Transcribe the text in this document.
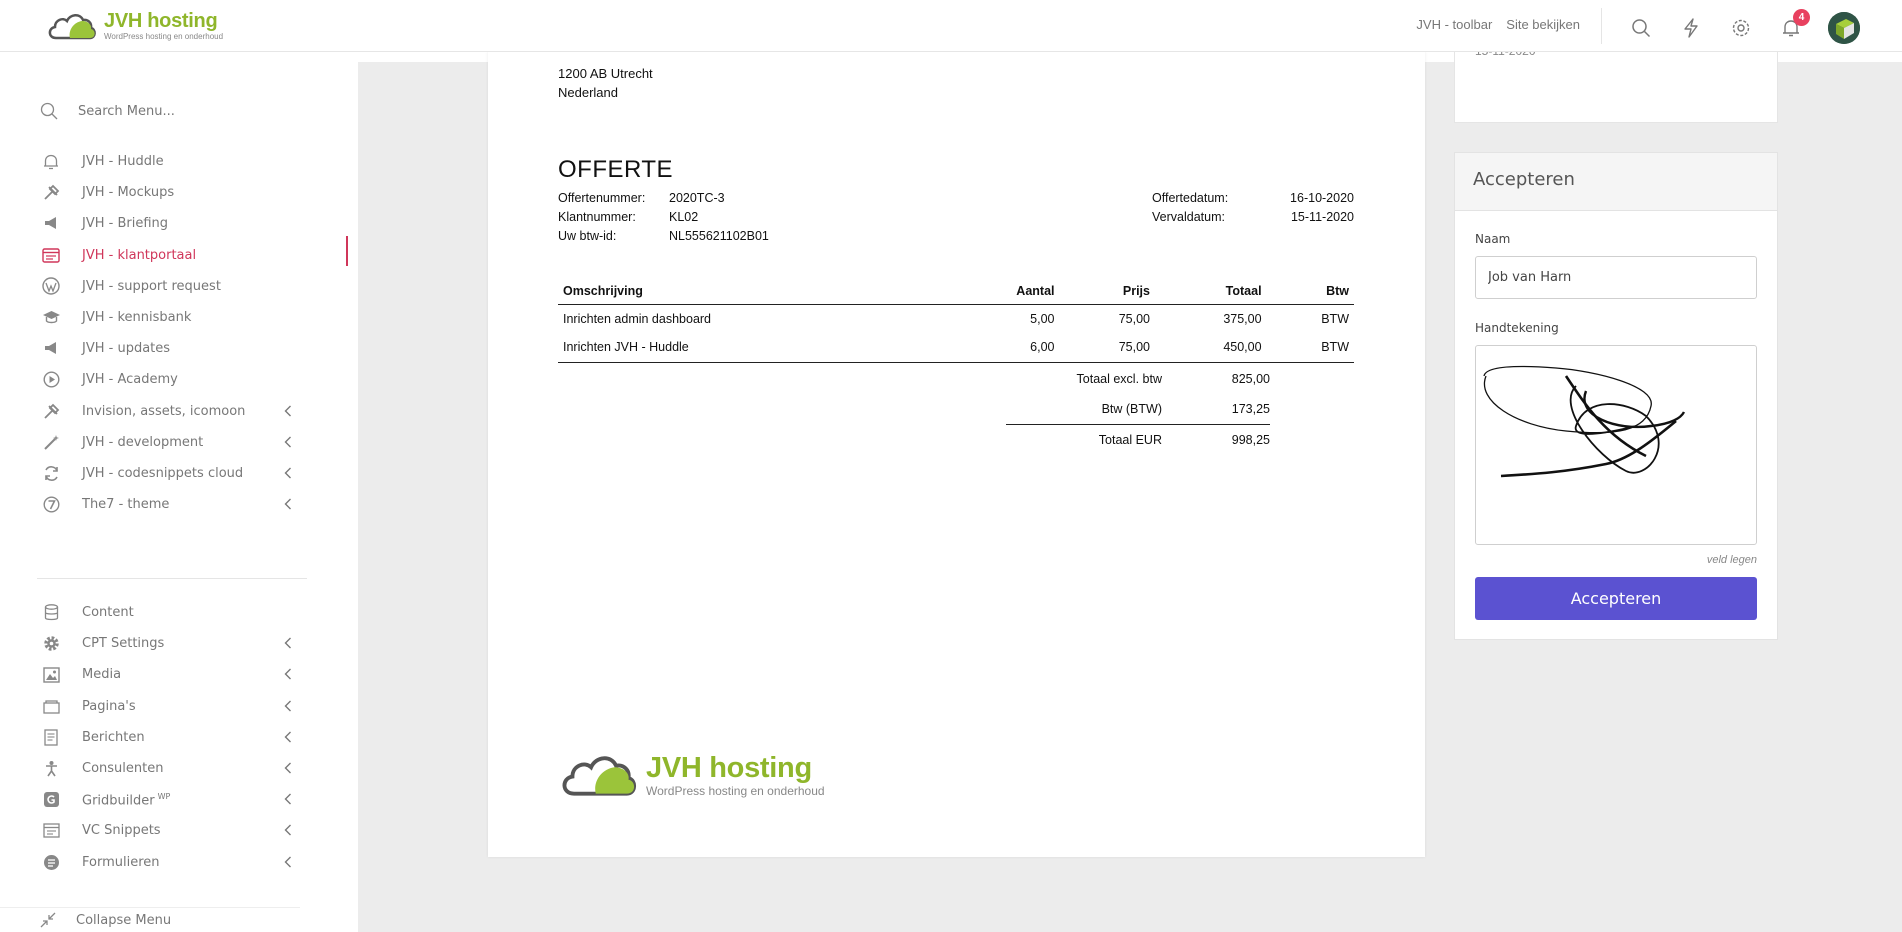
JVH hosting
WordPress hosting en onderhoud
JVH - toolbar Site bekijken	4
Search Menu...
JVH - Huddle
JVH - Mockups
JVH - Briefing
JVH - klantportaal
JVH - support request
JVH - kennisbank
JVH - updates
JVH - Academy
Invision, assets, icomoon
JVH - development
JVH - codesnippets cloud
The7 - theme
Content
CPT Settings
Media
Pagina's
Berichten
Consulenten
Gridbuilder $^{WP}$
VC Snippets
Formulieren
Collapse Menu
1200 AB Utrecht
Nederland
OFFERTE
Offertenummer:	2020TC-3
Klantnummer:	KL02
Uw btw-id:	NL555621102B01
Offertedatum:	16-10-2020
Vervaldatum:	15-11-2020
Omschrijving	Aantal	Prijs	Totaal	Btw
Inrichten admin dashboard	5,00	75,00	375,00	BTW
Inrichten JVH - Huddle	6,00	75,00	450,00	BTW
Totaal excl. btw	825,00
Btw (BTW)	173,25
Totaal EUR	998,25
JVH hosting
WordPress hosting en onderhoud
Accepteren
Naam
Job van Harn
Handtekening
veld legen
Accepteren
